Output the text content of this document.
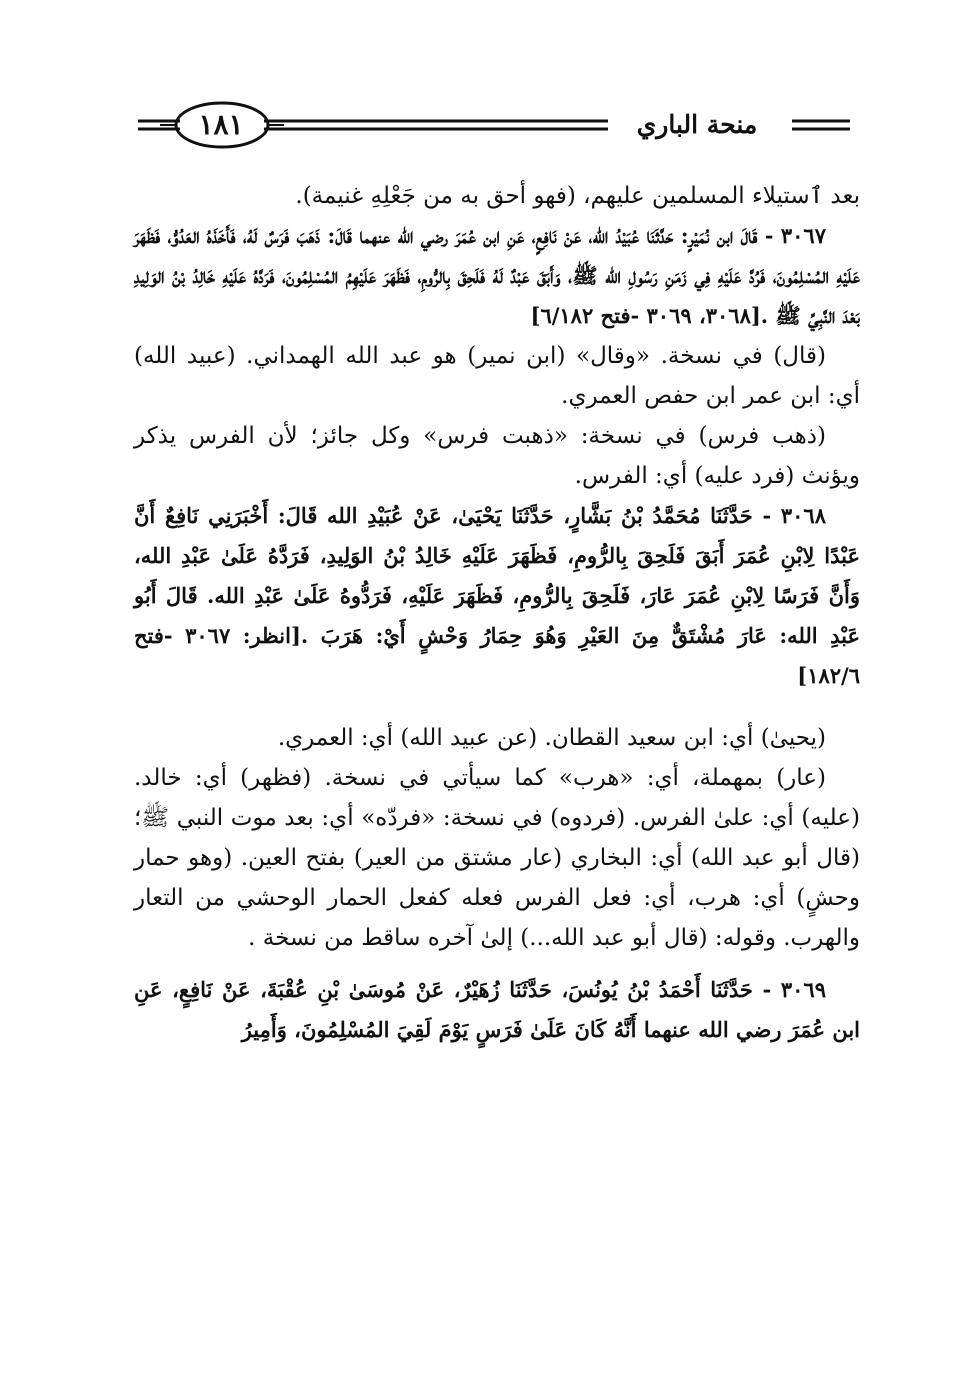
١٨١	منحة الباري

بعد ٱستيلاء المسلمين عليهم، (فهو أحق به من جَعْلِهِ غنيمة).

٣٠٦٧ - قَالَ ابن نُمَيْرٍ: حَدَّثَنَا عُبَيْدُ الله، عَنْ نَافِعٍ، عَنِ ابن عُمَرَ رضي الله عنهما قَالَ: ذَهَبَ فَرَسٌ لَهُ، فَأَخَذَهُ العَدُوُّ، فَظَهَرَ عَلَيْهِ المُسْلِمُونَ، فَرُدَّ عَلَيْهِ فِي زَمَنِ رَسُولِ الله ﷺ، وَأَبَقَ عَبْدٌ لَهُ فَلَحِقَ بِالرُّومِ، فَظَهَرَ عَلَيْهِمُ المُسْلِمُونَ، فَرَدَّهُ عَلَيْهِ خَالِدُ بْنُ الوَلِيدِ بَعْدَ النَّبِيِّ ﷺ .[٣٠٦٨، ٣٠٦٩ -فتح ٦/١٨٢]

(قال) في نسخة. «وقال» (ابن نمير) هو عبد الله الهمداني. (عبيد الله) أي: ابن عمر ابن حفص العمري.

(ذهب فرس) في نسخة: «ذهبت فرس» وكل جائز؛ لأن الفرس يذكر ويؤنث (فرد عليه) أي: الفرس.

٣٠٦٨ - حَدَّثَنَا مُحَمَّدُ بْنُ بَشَّارٍ، حَدَّثَنَا يَحْيَىٰ، عَنْ عُبَيْدِ الله قَالَ: أَخْبَرَنِي نَافِعٌ أَنَّ عَبْدًا لِابْنِ عُمَرَ أَبَقَ فَلَحِقَ بِالرُّومِ، فَظَهَرَ عَلَيْهِ خَالِدُ بْنُ الوَلِيدِ، فَرَدَّهُ عَلَىٰ عَبْدِ الله، وَأَنَّ فَرَسًا لِابْنِ عُمَرَ عَارَ، فَلَحِقَ بِالرُّومِ، فَظَهَرَ عَلَيْهِ، فَرَدُّوهُ عَلَىٰ عَبْدِ الله. قَالَ أَبُو عَبْدِ الله: عَارَ مُشْتَقٌّ مِنَ العَيْرِ وَهُوَ حِمَارُ وَحْشٍ أَيْ: هَرَبَ .[انظر: ٣٠٦٧ -فتح ١٨٢/٦]

(يحيىٰ) أي: ابن سعيد القطان. (عن عبيد الله) أي: العمري.

(عار) بمهملة، أي: «هرب» كما سيأتي في نسخة. (فظهر) أي: خالد. (عليه) أي: علىٰ الفرس. (فردوه) في نسخة: «فردّه» أي: بعد موت النبي ﷺ؛ (قال أبو عبد الله) أي: البخاري (عار مشتق من العير) بفتح العين. (وهو حمار وحشٍ) أي: هرب، أي: فعل الفرس فعله كفعل الحمار الوحشي من التعار والهرب. وقوله: (قال أبو عبد الله...) إلىٰ آخره ساقط من نسخة .

٣٠٦٩ - حَدَّثَنَا أَحْمَدُ بْنُ يُونُسَ، حَدَّثَنَا زُهَيْرٌ، عَنْ مُوسَىٰ بْنِ عُقْبَةَ، عَنْ نَافِعٍ، عَنِ ابن عُمَرَ رضي الله عنهما أَنَّهُ كَانَ عَلَىٰ فَرَسٍ يَوْمَ لَقِيَ المُسْلِمُونَ، وَأَمِيرُ
